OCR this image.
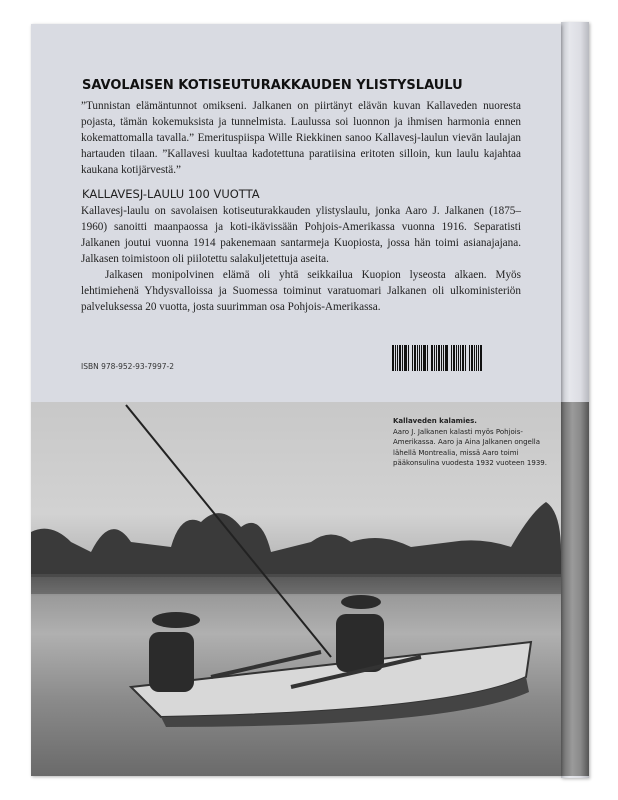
SAVOLAISEN KOTISEUTURAKKAUDEN YLISTYSLAULU
”Tunnistan elämäntunnot omikseni. Jalkanen on piirtänyt elävän kuvan Kallaveden nuoresta pojasta, tämän kokemuksista ja tunnelmista. Laulussa soi luonnon ja ihmisen harmonia ennen kokemattomalla tavalla.” Emerituspiispa Wille Riekkinen sanoo Kallavesj-laulun vievän laulajan hartauden tilaan. ”Kallavesi kuultaa kadotettuna paratiisina eritoten silloin, kun laulu kajahtaa kaukana kotijärvestä.”
KALLAVESJ-LAULU 100 VUOTTA

Kallavesj-laulu on savolaisen kotiseuturakkauden ylistyslaulu, jonka Aaro J. Jalkanen (1875–1960) sanoitti maanpaossa ja koti-ikävissään Pohjois-Amerikassa vuonna 1916. Separatisti Jalkanen joutui vuonna 1914 pakenemaan santarmeja Kuopiosta, jossa hän toimi asianajajana. Jalkasen toimistoon oli piilotettu salakuljetettuja aseita.

Jalkasen monipolvinen elämä oli yhtä seikkailua Kuopion lyseosta alkaen. Myös lehtimiehenä Yhdysvalloissa ja Suomessa toiminut varatuomari Jalkanen oli ulkoministeriön palveluksessa 20 vuotta, josta suurimman osa Pohjois-Amerikassa.

ISBN 978-952-93-7997-2
Kallaveden kalamies.
Aaro J. Jalkanen kalasti myös Pohjois-Amerikassa. Aaro ja Aina Jalkanen ongella lähellä Montrealia, missä Aaro toimi pääkonsulina vuodesta 1932 vuoteen 1939.
